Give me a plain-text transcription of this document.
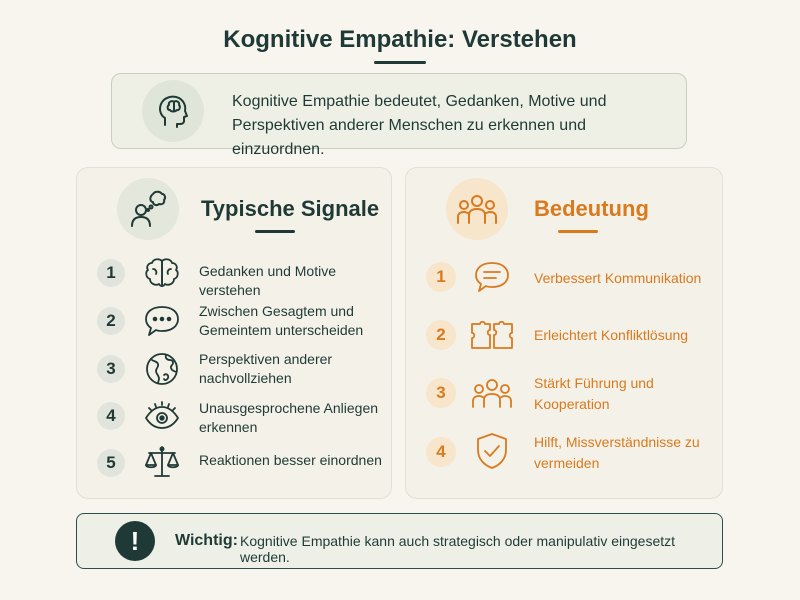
Kognitive Empathie: Verstehen
Kognitive Empathie bedeutet, Gedanken, Motive und Perspektiven anderer Menschen zu erkennen und einzuordnen.
Typische Signale
1	Gedanken und Motive verstehen
2	Zwischen Gesagtem und Gemeintem unterscheiden
3	Perspektiven anderer nachvollziehen
4	Unausgesprochene Anliegen erkennen
5	Reaktionen besser einordnen
Bedeutung
1	Verbessert Kommunikation
2	Erleichtert Konfliktlösung
3	Stärkt Führung und Kooperation
4	Hilft, Missverständnisse zu vermeiden
!	Wichtig: Kognitive Empathie kann auch strategisch oder manipulativ eingesetzt werden.
